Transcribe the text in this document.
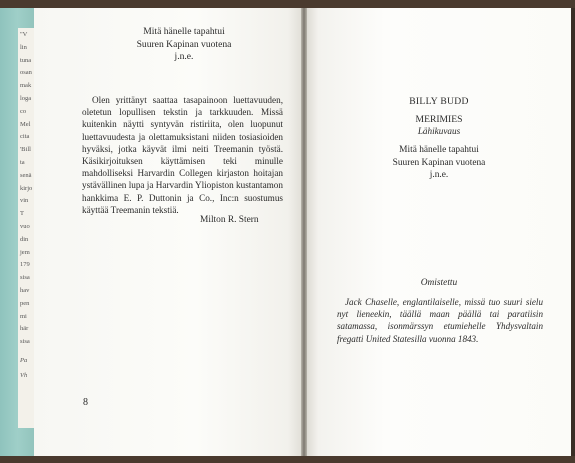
"V
lin
tuna
osan
mak
loga
co
Mel
cita
'Bill
ta
senä
kirjo
vin
T
vuo
din
jem
179
sisa
hav
pen
mi
här
sisa
Pa
Vh
Mitä hänelle tapahtui
Suuren Kapinan vuotena
j.n.e.
Olen yrittänyt saattaa tasapainoon luettavuuden, oletetun lopullisen tekstin ja tarkkuuden. Missä kuitenkin näytti syntyvän ristiriita, olen luopunut luettavuudesta ja olettamuksistani niiden tosiasioiden hyväksi, jotka käyvät ilmi neiti Treemanin työstä. Käsikirjoituksen käyttämisen teki minulle mahdolliseksi Harvardin Collegen kirjaston hoitajan ystävällinen lupa ja Harvardin Yliopiston kustantamon hankkima E. P. Duttonin ja Co., Inc:n suostumus käyttää Treemanin tekstiä.
Milton R. Stern
8
BILLY BUDD
MERIMIES
Lähikuvaus
Mitä hänelle tapahtui
Suuren Kapinan vuotena
j.n.e.
Omistettu
Jack Chaselle, englantilaiselle, missä tuo suuri sielu nyt lieneekin, täällä maan päällä tai paratiisin satamassa, isonmärssyn etumiehelle Yhdysvaltain fregatti United Statesilla vuonna 1843.
